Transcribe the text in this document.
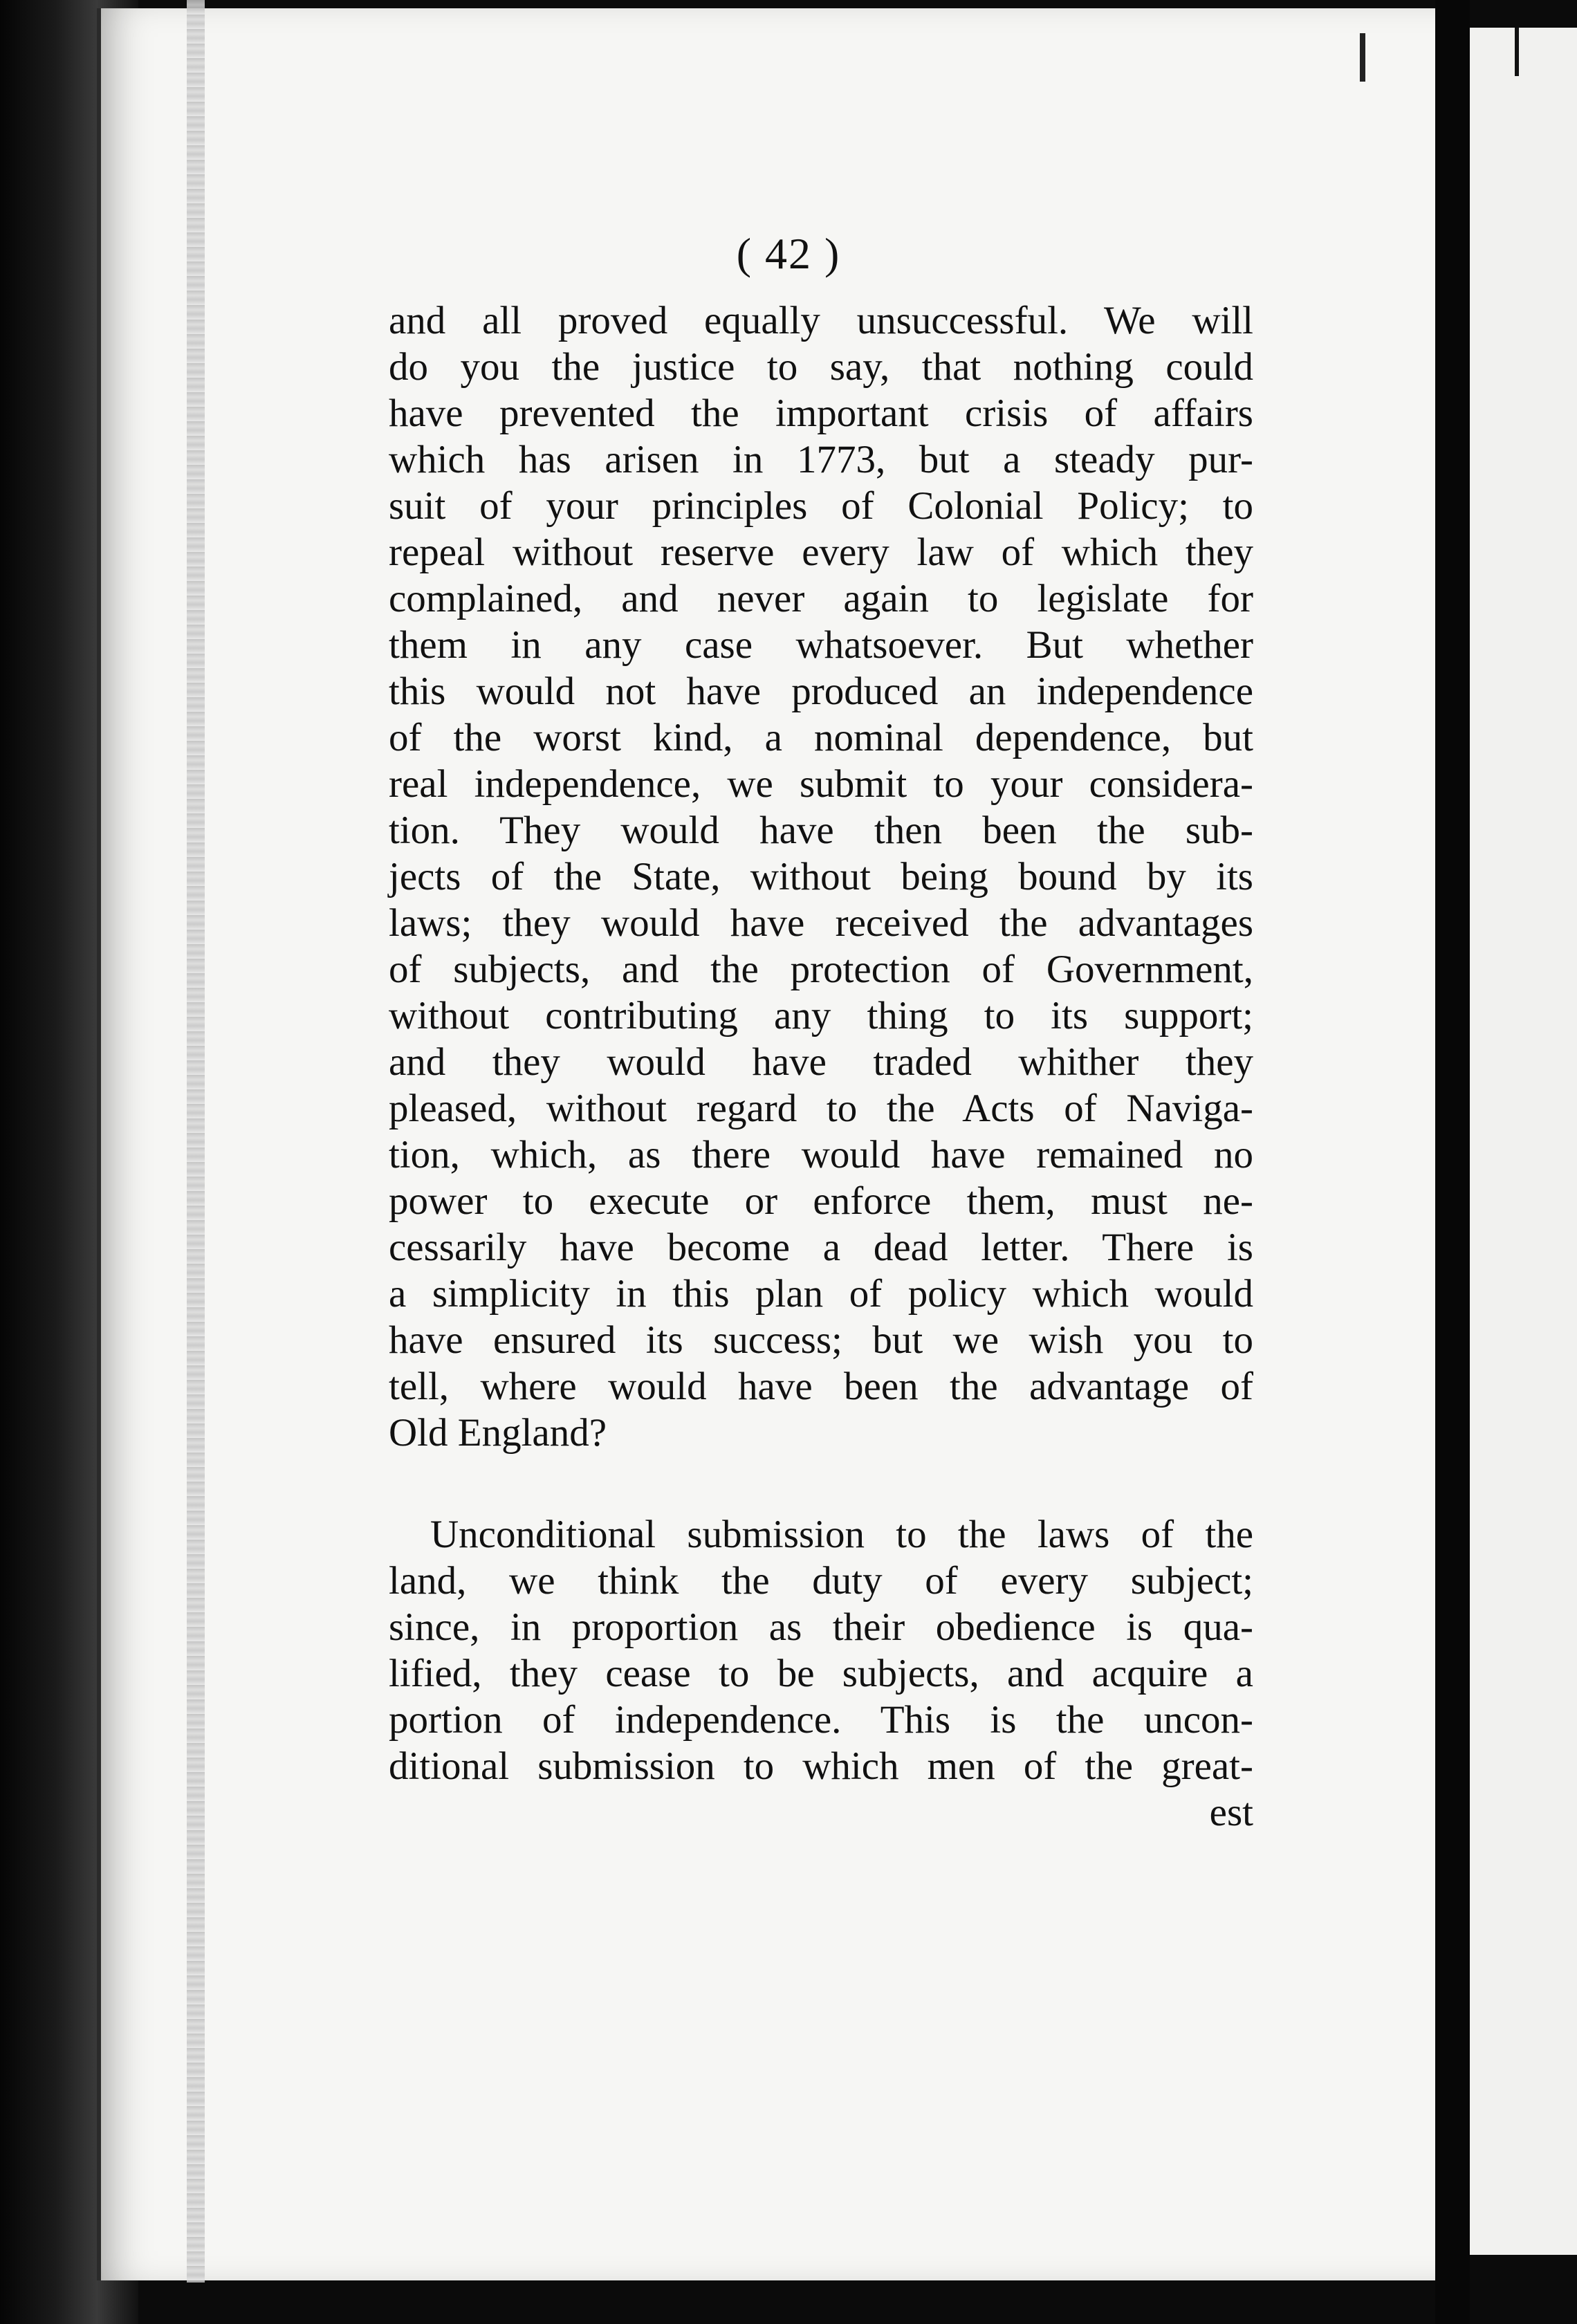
( 42 )
and all proved equally unsuccessful. We will
do you the justice to say, that nothing could
have prevented the important crisis of affairs
which has arisen in 1773, but a steady pur-
suit of your principles of Colonial Policy; to
repeal without reserve every law of which they
complained, and never again to legislate for
them in any case whatsoever. But whether
this would not have produced an independence
of the worst kind, a nominal dependence, but
real independence, we submit to your considera-
tion. They would have then been the sub-
jects of the State, without being bound by its
laws; they would have received the advantages
of subjects, and the protection of Government,
without contributing any thing to its support;
and they would have traded whither they
pleased, without regard to the Acts of Naviga-
tion, which, as there would have remained no
power to execute or enforce them, must ne-
cessarily have become a dead letter. There is
a simplicity in this plan of policy which would
have ensured its success; but we wish you to
tell, where would have been the advantage of
Old England?
Unconditional submission to the laws of the
land, we think the duty of every subject;
since, in proportion as their obedience is qua-
lified, they cease to be subjects, and acquire a
portion of independence. This is the uncon-
ditional submission to which men of the great-
est
